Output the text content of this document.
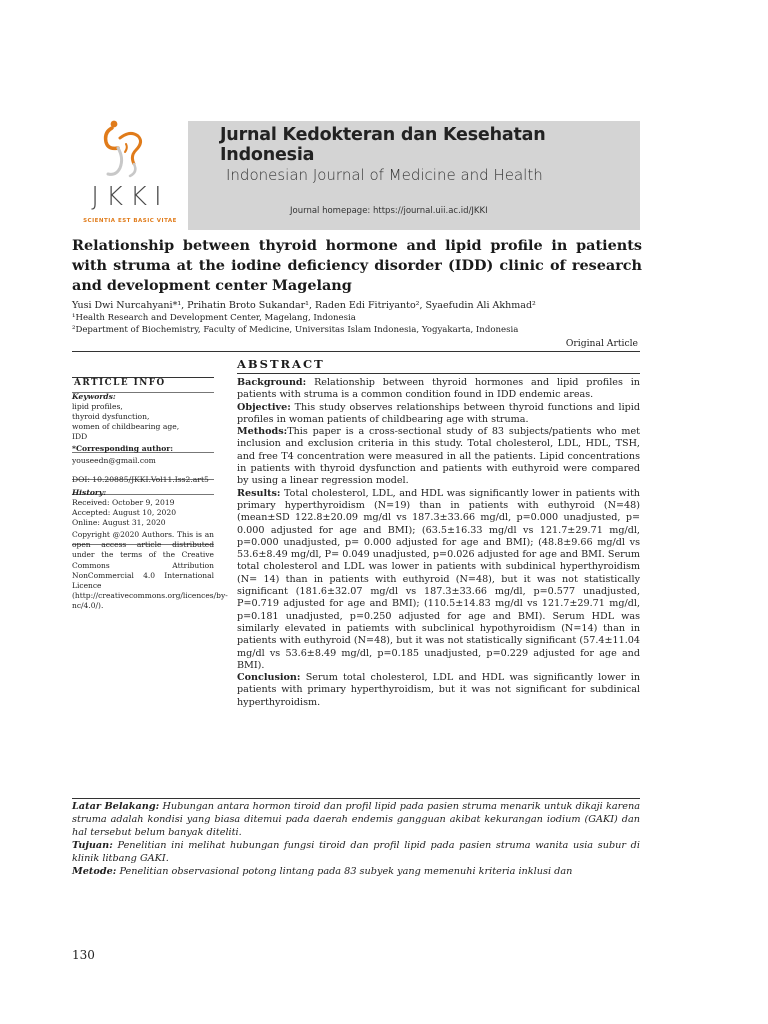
JKKI
SCIENTIA EST BASIC VITAE
Jurnal Kedokteran dan Kesehatan Indonesia
Indonesian Journal of Medicine and Health
Journal homepage: https://journal.uii.ac.id/JKKI
Relationship between thyroid hormone and lipid profile in patients with struma at the iodine deficiency disorder (IDD) clinic of research and development center Magelang
Yusi Dwi Nurcahyani*¹, Prihatin Broto Sukandar¹, Raden Edi Fitriyanto², Syaefudin Ali Akhmad²
¹Health Research and Development Center, Magelang, Indonesia
²Department of Biochemistry, Faculty of Medicine, Universitas Islam Indonesia, Yogyakarta, Indonesia
Original Article
ARTICLE INFO
Keywords:
lipid profiles,
thyroid dysfunction,
women of childbearing age,
IDD
*Corresponding author:
youseedn@gmail.com
DOI: 10.20885/JKKI.Vol11.Iss2.art5
History:
Received: October 9, 2019
Accepted: August 10, 2020
Online: August 31, 2020
Copyright @2020 Authors. This is an open access article distributed under the terms of the Creative Commons Attribution NonCommercial 4.0 International Licence (http://creativecommons.org/licences/by-nc/4.0/).
ABSTRACT

Background: Relationship between thyroid hormones and lipid profiles in patients with struma is a common condition found in IDD endemic areas.

Objective: This study observes relationships between thyroid functions and lipid profiles in woman patients of childbearing age with struma.

Methods:This paper is a cross-sectional study of 83 subjects/patients who met inclusion and exclusion criteria in this study. Total cholesterol, LDL, HDL, TSH, and free T4 concentration were measured in all the patients. Lipid concentrations in patients with thyroid dysfunction and patients with euthyroid were compared by using a linear regression model.

Results: Total cholesterol, LDL, and HDL was significantly lower in patients with primary hyperthyroidism (N=19) than in patients with euthyroid (N=48) (mean±SD 122.8±20.09 mg/dl vs 187.3±33.66 mg/dl, p=0.000 unadjusted, p= 0.000 adjusted for age and BMI); (63.5±16.33 mg/dl vs 121.7±29.71 mg/dl, p=0.000 unadjusted, p= 0.000 adjusted for age and BMI); (48.8±9.66 mg/dl vs 53.6±8.49 mg/dl, P= 0.049 unadjusted, p=0.026 adjusted for age and BMI. Serum total cholesterol and LDL was lower in patients with subdinical hyperthyroidism (N= 14) than in patients with euthyroid (N=48), but it was not statistically significant (181.6±32.07 mg/dl vs 187.3±33.66 mg/dl, p=0.577 unadjusted, P=0.719 adjusted for age and BMI); (110.5±14.83 mg/dl vs 121.7±29.71 mg/dl, p=0.181 unadjusted, p=0.250 adjusted for age and BMI). Serum HDL was similarly elevated in patiemts with subclinical hypothyroidism (N=14) than in patients with euthyroid (N=48), but it was not statistically significant (57.4±11.04 mg/dl vs 53.6±8.49 mg/dl, p=0.185 unadjusted, p=0.229 adjusted for age and BMI).

Conclusion: Serum total cholesterol, LDL and HDL was significantly lower in patients with primary hyperthyroidism, but it was not significant for subdinical hyperthyroidism.

Latar Belakang: Hubungan antara hormon tiroid dan profil lipid pada pasien struma menarik untuk dikaji karena struma adalah kondisi yang biasa ditemui pada daerah endemis gangguan akibat kekurangan iodium (GAKI) dan hal tersebut belum banyak diteliti.

Tujuan: Penelitian ini melihat hubungan fungsi tiroid dan profil lipid pada pasien struma wanita usia subur di klinik litbang GAKI.

Metode: Penelitian observasional potong lintang pada 83 subyek yang memenuhi kriteria inklusi dan

130
